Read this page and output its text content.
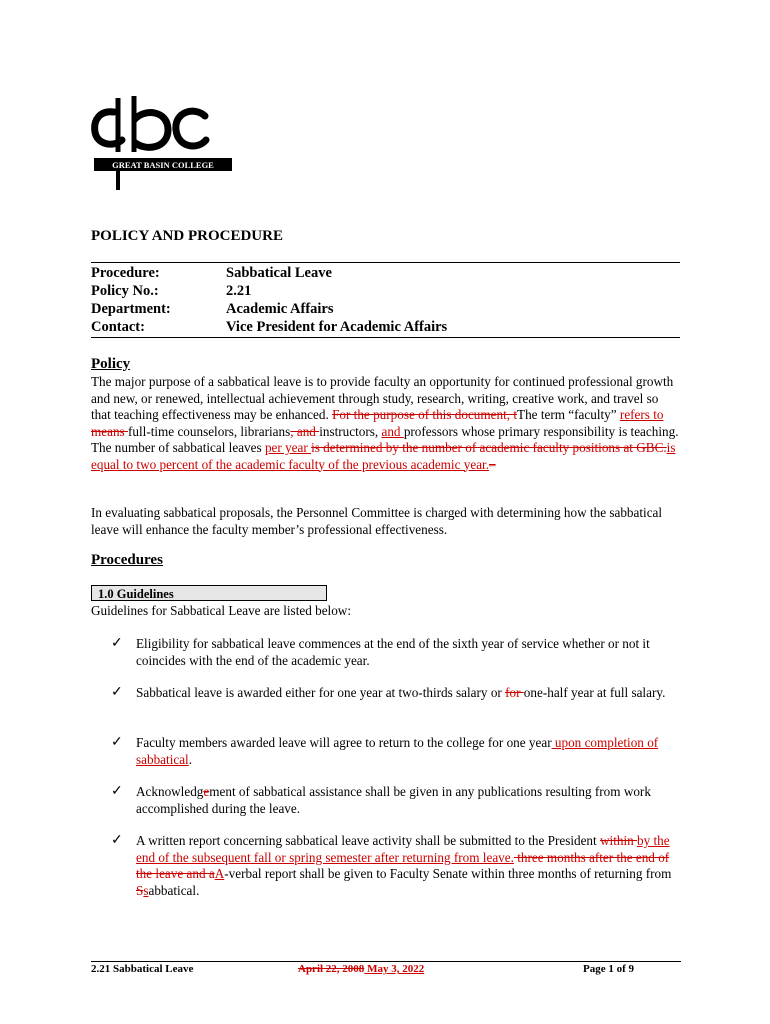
GREAT BASIN COLLEGE
POLICY AND PROCEDURE
Procedure:	Sabbatical Leave
Policy No.:	2.21
Department:	Academic Affairs
Contact:	Vice President for Academic Affairs
Policy
The major purpose of a sabbatical leave is to provide faculty an opportunity for continued professional growth and new, or renewed, intellectual achievement through study, research, writing, creative work, and travel so that teaching effectiveness may be enhanced. For the purpose of this document, tThe term “faculty” refers to means full-time counselors, librarians, and instructors, and professors whose primary responsibility is teaching. The number of sabbatical leaves per year is determined by the number of academic faculty positions at GBC.is equal to two percent of the academic faculty of the previous academic year.–
In evaluating sabbatical proposals, the Personnel Committee is charged with determining how the sabbatical leave will enhance the faculty member’s professional effectiveness.
Procedures
1.0 Guidelines
Guidelines for Sabbatical Leave are listed below:
✓ Eligibility for sabbatical leave commences at the end of the sixth year of service whether or not it coincides with the end of the academic year.
✓ Sabbatical leave is awarded either for one year at two-thirds salary or for one-half year at full salary.
✓ Faculty members awarded leave will agree to return to the college for one year upon completion of sabbatical.
✓ Acknowledgement of sabbatical assistance shall be given in any publications resulting from work accomplished during the leave.
✓ A written report concerning sabbatical leave activity shall be submitted to the President within by the end of the subsequent fall or spring semester after returning from leave. three months after the end of the leave and aA-verbal report shall be given to Faculty Senate within three months of returning from Ssabbatical.
2.21 Sabbatical Leave	April 22, 2008 May 3, 2022	Page 1 of 9
